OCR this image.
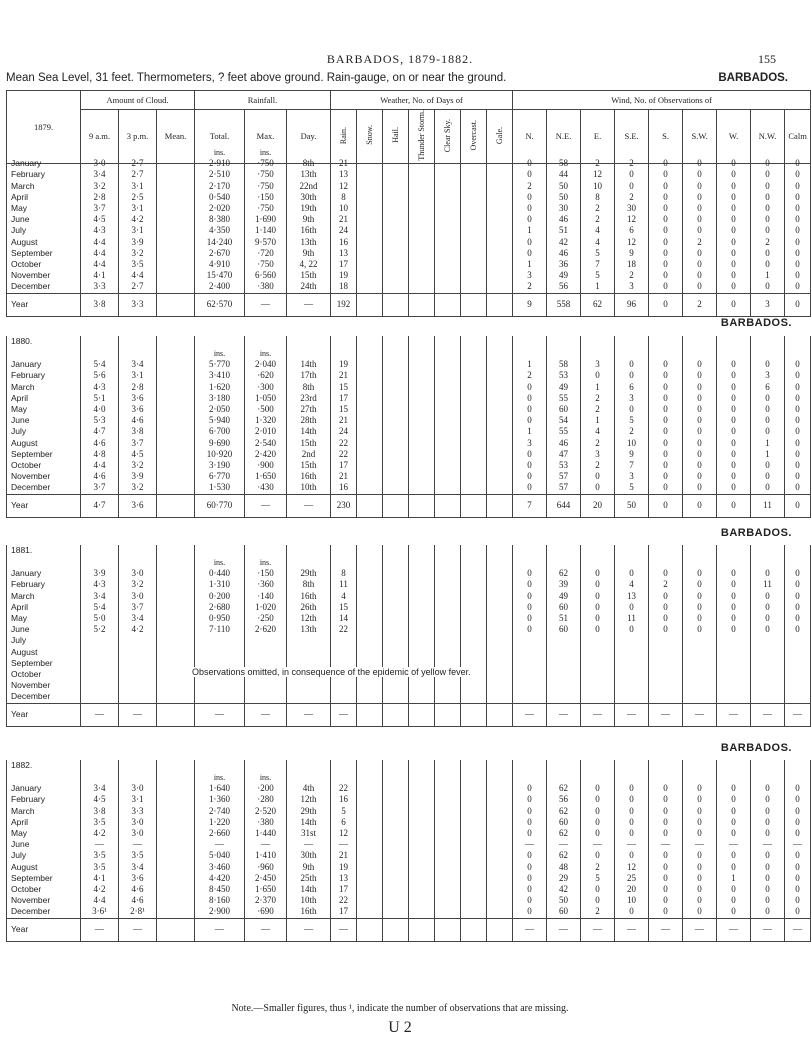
BARBADOS, 1879-1882.	155
Mean Sea Level, 31 feet. Thermometers, ? feet above ground. Rain-gauge, on or near the ground.	BARBADOS.
1879.	Amount of Cloud.			Rainfall.			Weather, No. of Days of							Wind, No. of Observations of								
	9 a.m.	3 p.m.	Mean.	Total.	Max.	Day.	Rain.	Snow.	Hail.	Thunder Storm.	Clear Sky.	Overcast.	Gale.	N.	N.E.	E.	S.E.	S.	S.W.	W.	N.W.	Calm
BARBADOS.
BARBADOS.
BARBADOS.
				ins.	ins.																	
January	3·0	2·7		2·910	·750	8th	21							0	58	2	2	0	0	0	0	0
February	3·4	2·7		2·510	·750	13th	13							0	44	12	0	0	0	0	0	0
March	3·2	3·1		2·170	·750	22nd	12							2	50	10	0	0	0	0	0	0
April	2·8	2·5		0·540	·150	30th	8							0	50	8	2	0	0	0	0	0
May	3·7	3·1		2·020	·750	19th	10							0	30	2	30	0	0	0	0	0
June	4·5	4·2		8·380	1·690	9th	21							0	46	2	12	0	0	0	0	0
July	4·3	3·1		4·350	1·140	16th	24							1	51	4	6	0	0	0	0	0
August	4·4	3·9		14·240	9·570	13th	16							0	42	4	12	0	2	0	2	0
September	4·4	3·2		2·670	·720	9th	13							0	46	5	9	0	0	0	0	0
October	4·4	3·5		4·910	·750	4, 22	17							1	36	7	18	0	0	0	0	0
November	4·1	4·4		15·470	6·560	15th	19							3	49	5	2	0	0	0	1	0
December	3·3	2·7		2·400	·380	24th	18							2	56	1	3	0	0	0	0	0
Year	3·8	3·3		62·570	—	—	192							9	558	62	96	0	2	0	3	0
1880.																						
				ins.	ins.																	
January	5·4	3·4		5·770	2·040	14th	19							1	58	3	0	0	0	0	0	0
February	5·6	3·1		3·410	·620	17th	21							2	53	0	0	0	0	0	3	0
March	4·3	2·8		1·620	·300	8th	15							0	49	1	6	0	0	0	6	0
April	5·1	3·6		3·180	1·050	23rd	17							0	55	2	3	0	0	0	0	0
May	4·0	3·6		2·050	·500	27th	15							0	60	2	0	0	0	0	0	0
June	5·3	4·6		5·940	1·320	28th	21							0	54	1	5	0	0	0	0	0
July	4·7	3·8		6·700	2·010	14th	24							1	55	4	2	0	0	0	0	0
August	4·6	3·7		9·690	2·540	15th	22							3	46	2	10	0	0	0	1	0
September	4·8	4·5		10·920	2·420	2nd	22							0	47	3	9	0	0	0	1	0
October	4·4	3·2		3·190	·900	15th	17							0	53	2	7	0	0	0	0	0
November	4·6	3·9		6·770	1·650	16th	21							0	57	0	3	0	0	0	0	0
December	3·7	3·2		1·530	·430	10th	16							0	57	0	5	0	0	0	0	0
Year	4·7	3·6		60·770	—	—	230							7	644	20	50	0	0	0	11	0
1881.																						
				ins.	ins.																	
January	3·9	3·0		0·440	·150	29th	8							0	62	0	0	0	0	0	0	0
February	4·3	3·2		1·310	·360	8th	11							0	39	0	4	2	0	0	11	0
March	3·4	3·0		0·200	·140	16th	4							0	49	0	13	0	0	0	0	0
April	5·4	3·7		2·680	1·020	26th	15							0	60	0	0	0	0	0	0	0
May	5·0	3·4		0·950	·250	12th	14							0	51	0	11	0	0	0	0	0
June	5·2	4·2		7·110	2·620	13th	22							0	60	0	0	0	0	0	0	0
July																						
August																						
September																						
October																						
November																						
December																						
Year	—	—		—	—	—	—							—	—	—	—	—	—	—	—	—
Observations omitted, in consequence of the epidemic of yellow fever.
1882.																						
				ins.	ins.																	
January	3·4	3·0		1·640	·200	4th	22							0	62	0	0	0	0	0	0	0
February	4·5	3·1		1·360	·280	12th	16							0	56	0	0	0	0	0	0	0
March	3·8	3·3		2·740	2·520	29th	5							0	62	0	0	0	0	0	0	0
April	3·5	3·0		1·220	·380	14th	6							0	60	0	0	0	0	0	0	0
May	4·2	3·0		2·660	1·440	31st	12							0	62	0	0	0	0	0	0	0
June	—	—		—	—	—	—							—	—	—	—	—	—	—	—	—
July	3·5	3·5		5·040	1·410	30th	21							0	62	0	0	0	0	0	0	0
August	3·5	3·4		3·460	·960	9th	19							0	48	2	12	0	0	0	0	0
September	4·1	3·6		4·420	2·450	25th	13							0	29	5	25	0	0	1	0	0
October	4·2	4·6		8·450	1·650	14th	17							0	42	0	20	0	0	0	0	0
November	4·4	4·6		8·160	2·370	10th	22							0	50	0	10	0	0	0	0	0
December	3·6¹	2·8¹		2·900	·690	16th	17							0	60	2	0	0	0	0	0	0
Year	—	—		—	—	—	—							—	—	—	—	—	—	—	—	—
Note.—Smaller figures, thus ¹, indicate the number of observations that are missing.
U 2
